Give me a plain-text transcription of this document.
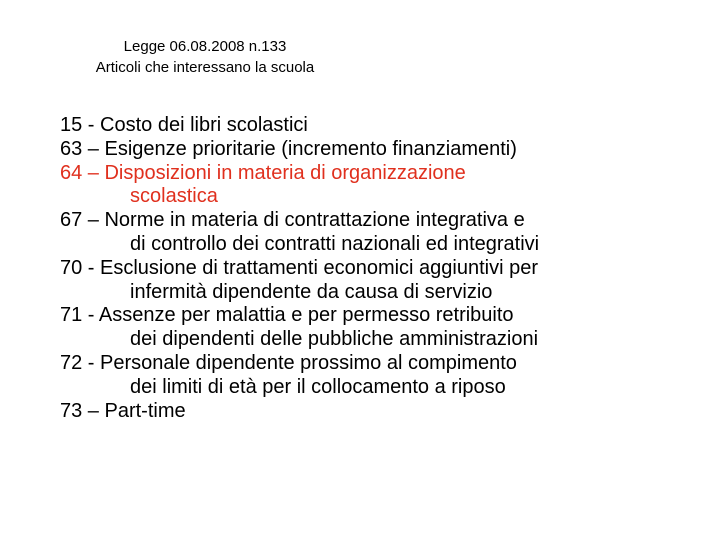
Legge 06.08.2008 n.133
Articoli che interessano la scuola
15 - Costo dei libri scolastici
63 – Esigenze prioritarie (incremento finanziamenti)
64 – Disposizioni in materia di organizzazione
scolastica
67 – Norme in materia di contrattazione integrativa e
di controllo dei contratti nazionali ed integrativi
70 - Esclusione di trattamenti economici aggiuntivi per
infermità dipendente da causa di servizio
71 - Assenze per malattia e per permesso retribuito
dei dipendenti delle pubbliche amministrazioni
72 - Personale dipendente prossimo al compimento
dei limiti di età per il collocamento a riposo
73 – Part-time
